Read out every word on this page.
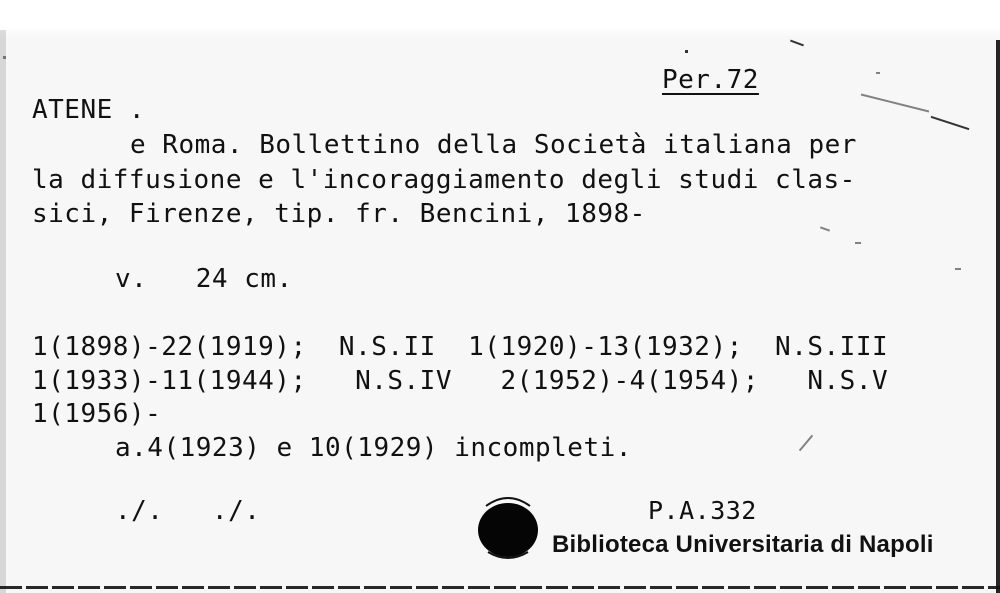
Per.72
ATENE .
e Roma. Bollettino della Società italiana per
la diffusione e l'incoraggiamento degli studi clas-
sici, Firenze, tip. fr. Bencini, 1898-
v.   24 cm.
1(1898)-22(1919);  N.S.II  1(1920)-13(1932);  N.S.III
1(1933)-11(1944);   N.S.IV   2(1952)-4(1954);   N.S.V
1(1956)-
a.4(1923) e 10(1929) incompleti.
./.   ./.	P.A.332
Biblioteca Universitaria di Napoli
